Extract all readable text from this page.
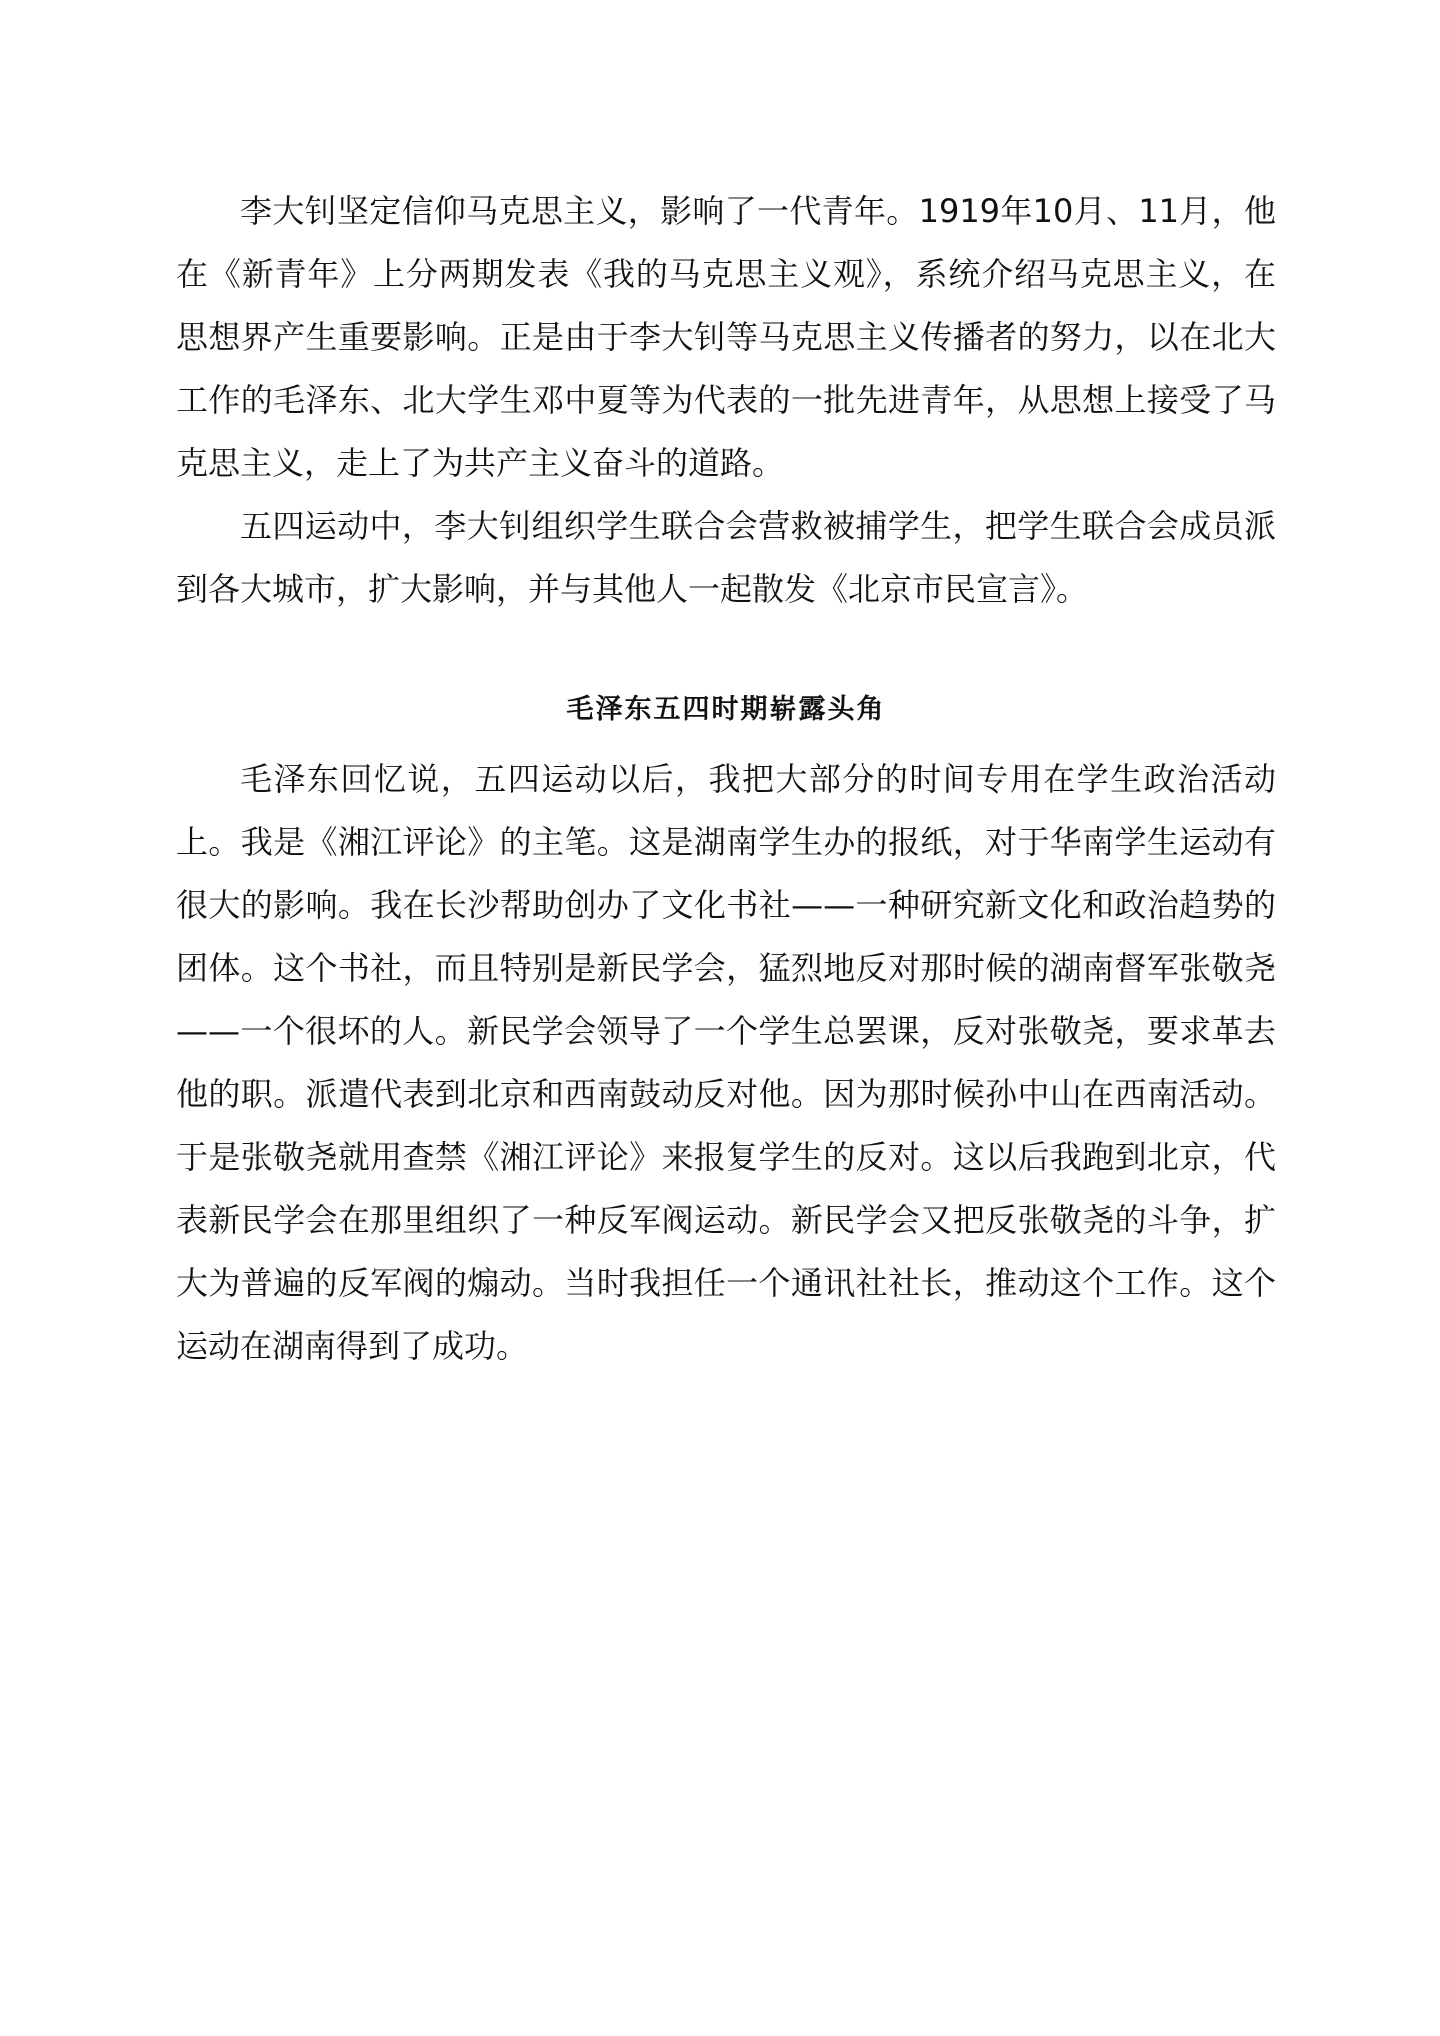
李大钊坚定信仰马克思主义，影响了一代青年。1919年10月、11月，他在《新青年》上分两期发表《我的马克思主义观》，系统介绍马克思主义，在思想界产生重要影响。正是由于李大钊等马克思主义传播者的努力，以在北大工作的毛泽东、北大学生邓中夏等为代表的一批先进青年，从思想上接受了马克思主义，走上了为共产主义奋斗的道路。

五四运动中，李大钊组织学生联合会营救被捕学生，把学生联合会成员派到各大城市，扩大影响，并与其他人一起散发《北京市民宣言》。

毛泽东五四时期崭露头角

毛泽东回忆说，五四运动以后，我把大部分的时间专用在学生政治活动上。我是《湘江评论》的主笔。这是湖南学生办的报纸，对于华南学生运动有很大的影响。我在长沙帮助创办了文化书社——一种研究新文化和政治趋势的团体。这个书社，而且特别是新民学会，猛烈地反对那时候的湖南督军张敬尧——一个很坏的人。新民学会领导了一个学生总罢课，反对张敬尧，要求革去他的职。派遣代表到北京和西南鼓动反对他。因为那时候孙中山在西南活动。于是张敬尧就用查禁《湘江评论》来报复学生的反对。这以后我跑到北京，代表新民学会在那里组织了一种反军阀运动。新民学会又把反张敬尧的斗争，扩大为普遍的反军阀的煽动。当时我担任一个通讯社社长，推动这个工作。这个运动在湖南得到了成功。
